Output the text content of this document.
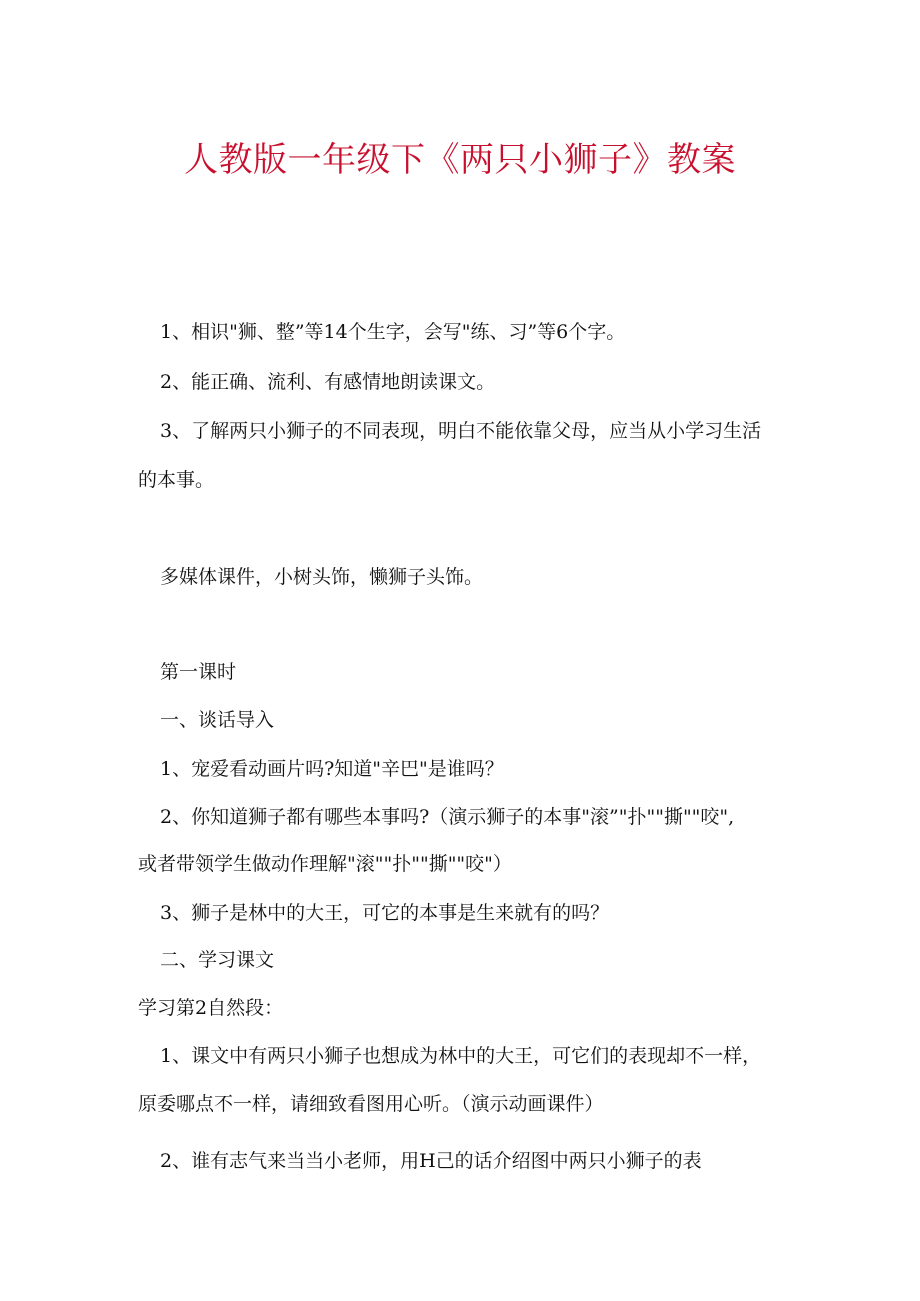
人教版一年级下《两只小狮子》教案
1、相识"狮、整”等14个生字，会写"练、习”等6个字。
2、能正确、流利、有感情地朗读课文。
3、了解两只小狮子的不同表现，明白不能依靠父母，应当从小学习生活
的本事。
多媒体课件，小树头饰，懒狮子头饰。
第一课时
一、谈话导入
1、宠爱看动画片吗?知道"辛巴"是谁吗？
2、你知道狮子都有哪些本事吗?（演示狮子的本事"滚”"扑""撕""咬",
或者带领学生做动作理解"滚""扑""撕""咬"）
3、狮子是林中的大王，可它的本事是生来就有的吗？
二、学习课文
学习第2自然段：
1、课文中有两只小狮子也想成为林中的大王，可它们的表现却不一样，
原委哪点不一样，请细致看图用心听。（演示动画课件）
2、谁有志气来当当小老师，用H己的话介绍图中两只小狮子的表
